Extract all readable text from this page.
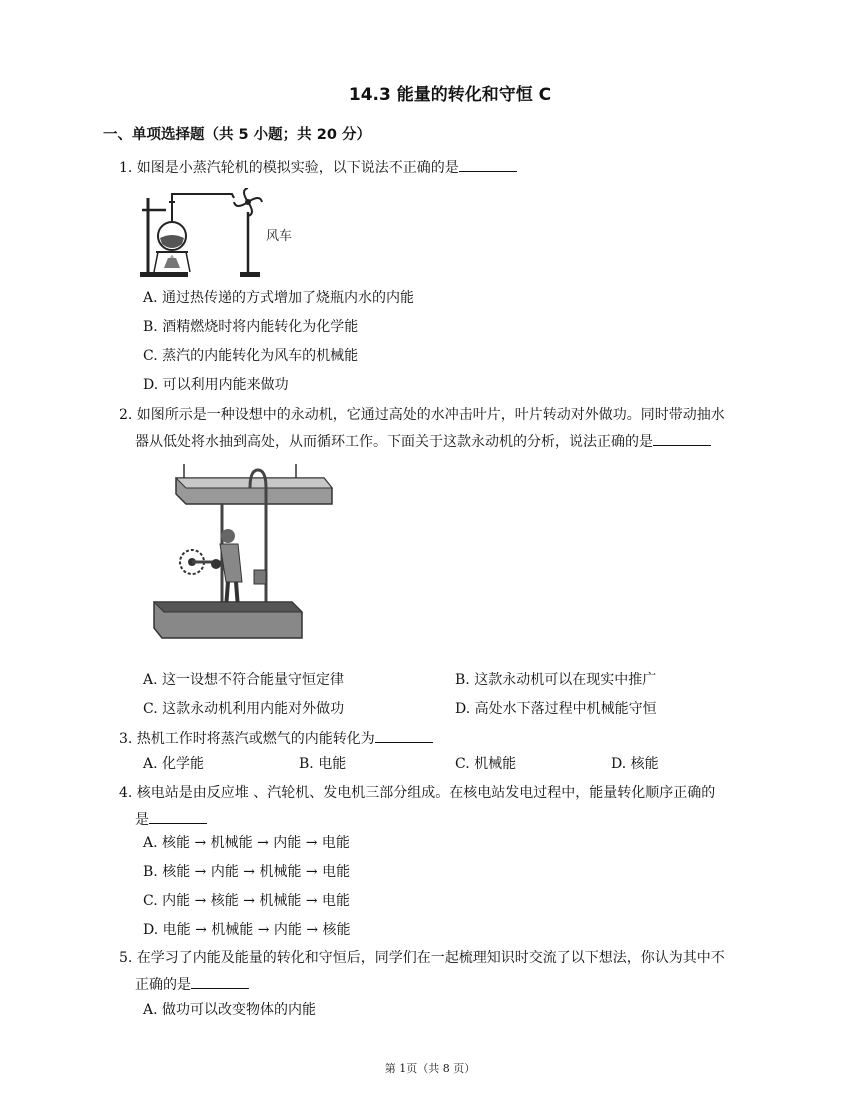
14.3 能量的转化和守恒 C
一、单项选择题（共 5 小题；共 20 分）
1. 如图是小蒸汽轮机的模拟实验，以下说法不正确的是
风车
A. 通过热传递的方式增加了烧瓶内水的内能
B. 酒精燃烧时将内能转化为化学能
C. 蒸汽的内能转化为风车的机械能
D. 可以利用内能来做功
2. 如图所示是一种设想中的永动机，它通过高处的水冲击叶片，叶片转动对外做功。同时带动抽水
器从低处将水抽到高处，从而循环工作。下面关于这款永动机的分析，说法正确的是
A. 这一设想不符合能量守恒定律	B. 这款永动机可以在现实中推广
C. 这款永动机利用内能对外做功	D. 高处水下落过程中机械能守恒
3. 热机工作时将蒸汽或燃气的内能转化为
A. 化学能	B. 电能	C. 机械能	D. 核能
4. 核电站是由反应堆 、汽轮机、发电机三部分组成。在核电站发电过程中，能量转化顺序正确的
是
A. 核能 → 机械能 → 内能 → 电能
B. 核能 → 内能 → 机械能 → 电能
C. 内能 → 核能 → 机械能 → 电能
D. 电能 → 机械能 → 内能 → 核能
5. 在学习了内能及能量的转化和守恒后，同学们在一起梳理知识时交流了以下想法，你认为其中不
正确的是
A. 做功可以改变物体的内能
第 1页（共 8 页）
